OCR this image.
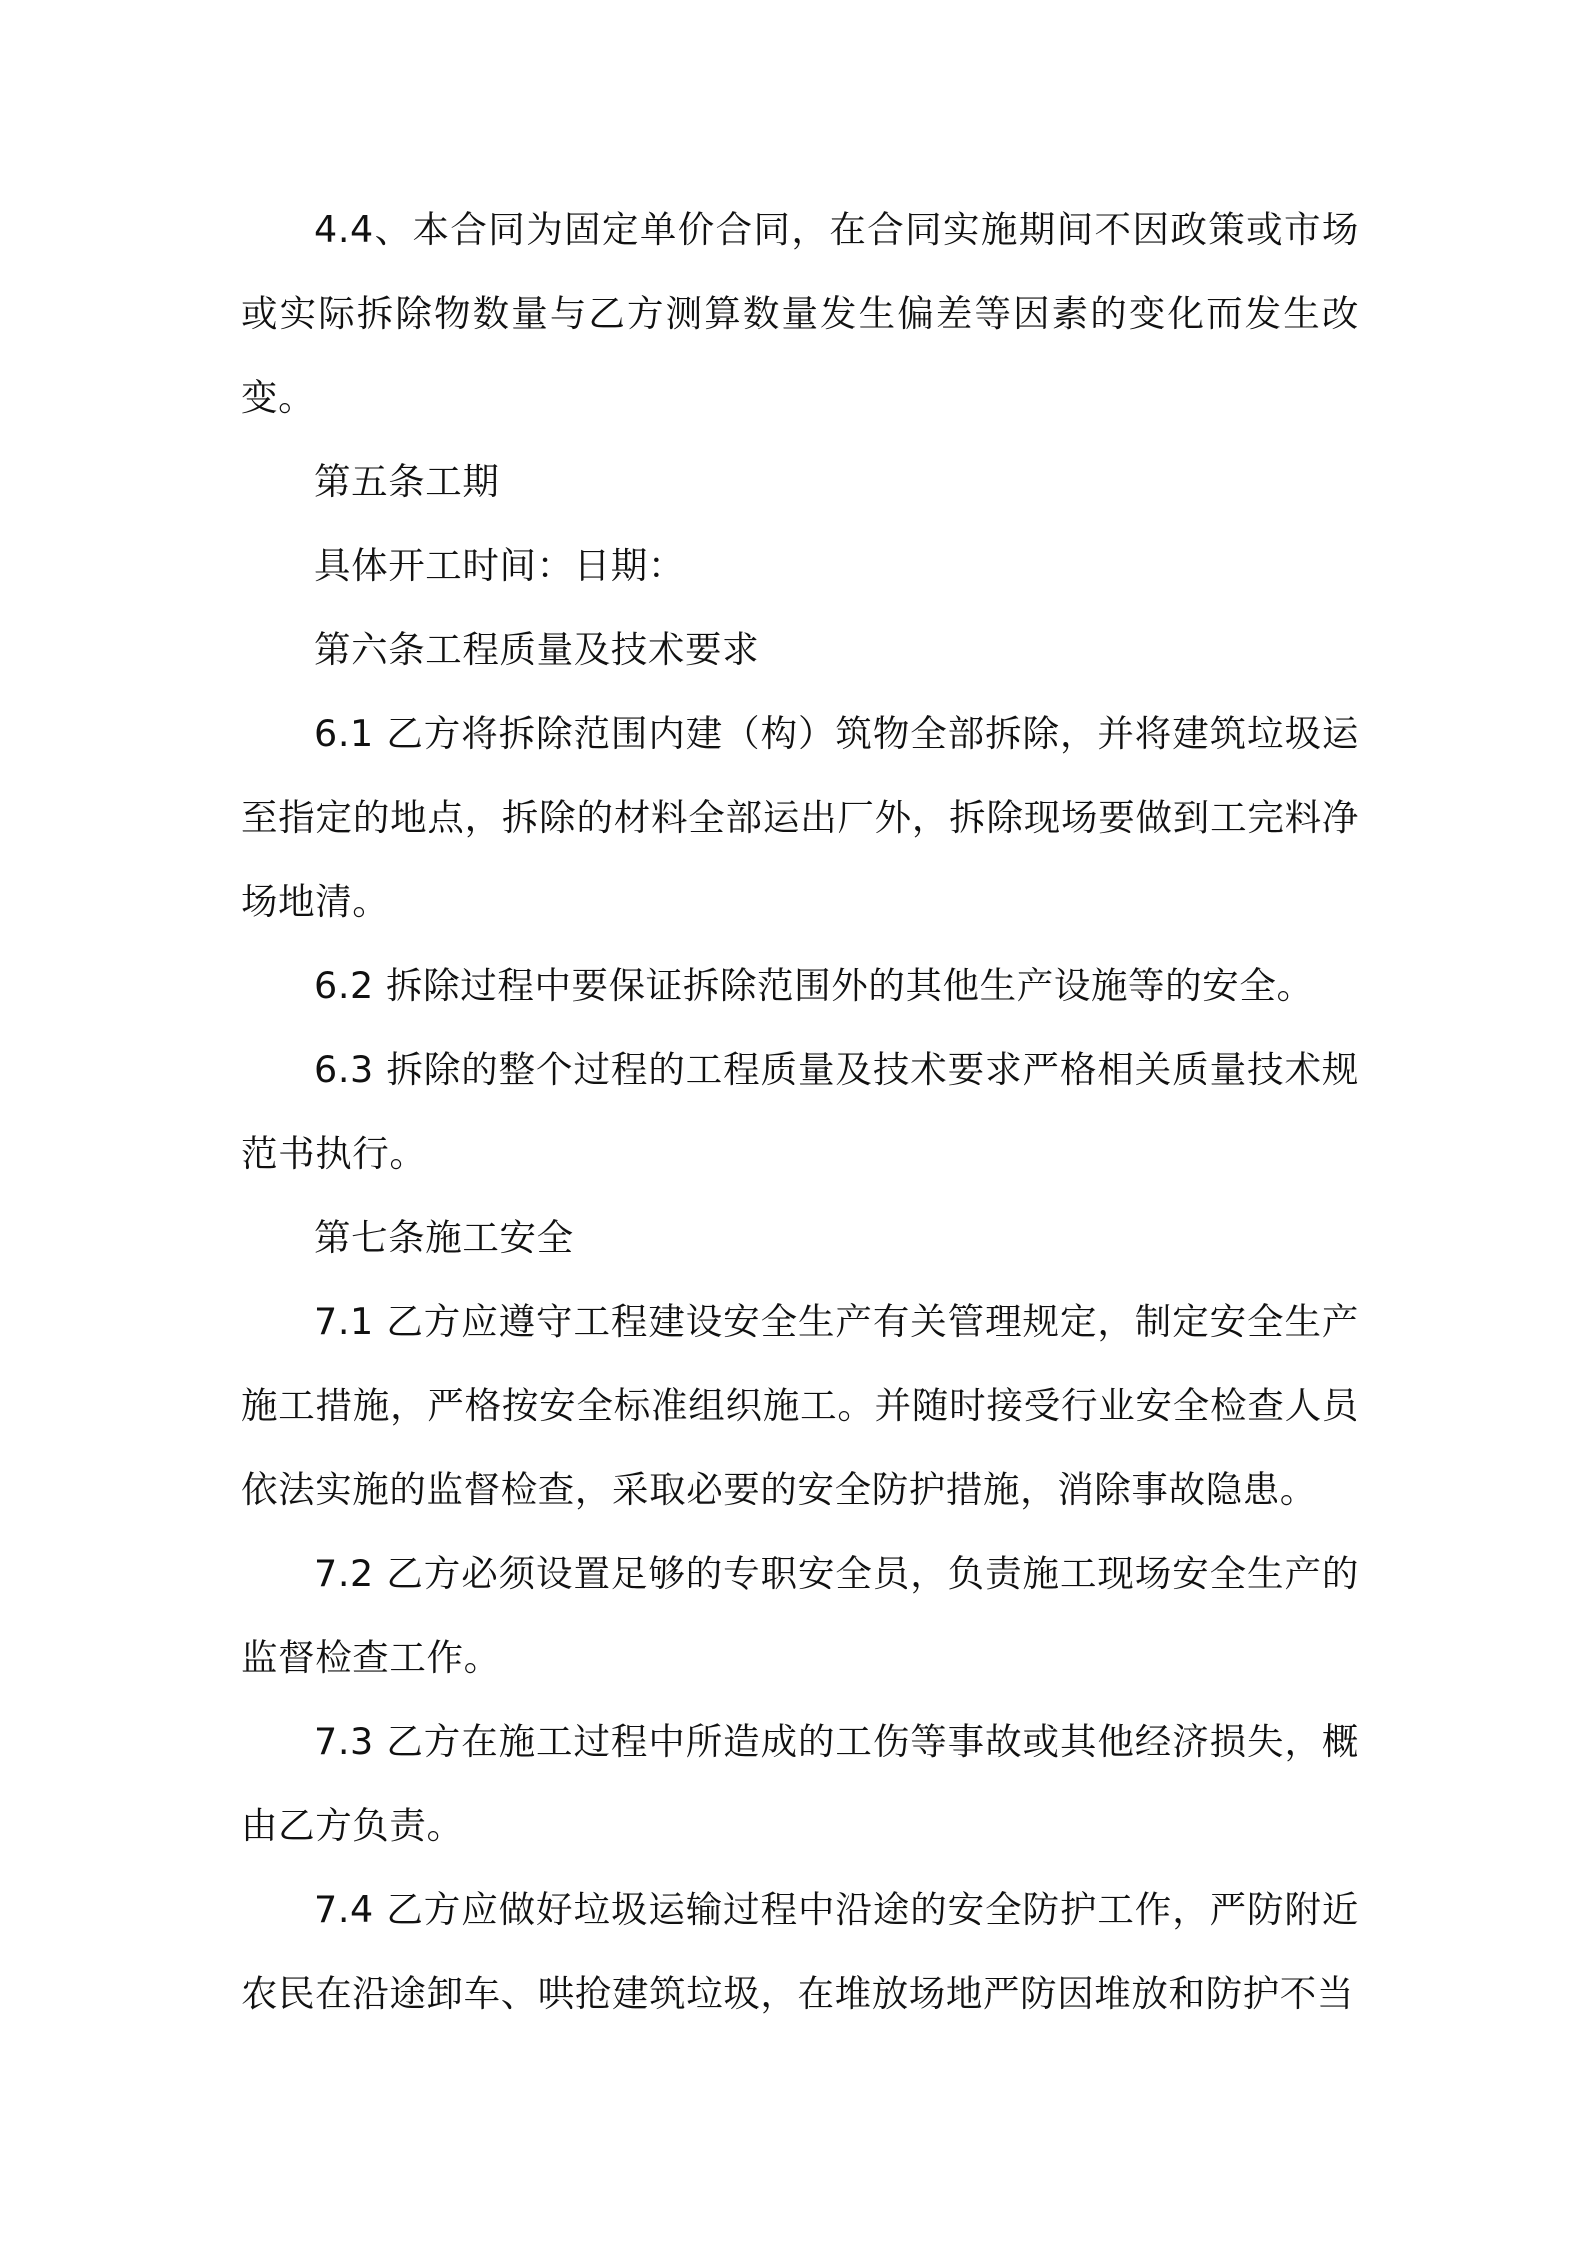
4.4、本合同为固定单价合同，在合同实施期间不因政策或市场或实际拆除物数量与乙方测算数量发生偏差等因素的变化而发生改变。

第五条工期

具体开工时间：日期：

第六条工程质量及技术要求

6.1 乙方将拆除范围内建（构）筑物全部拆除，并将建筑垃圾运至指定的地点，拆除的材料全部运出厂外，拆除现场要做到工完料净场地清。

6.2 拆除过程中要保证拆除范围外的其他生产设施等的安全。

6.3 拆除的整个过程的工程质量及技术要求严格相关质量技术规范书执行。

第七条施工安全

7.1 乙方应遵守工程建设安全生产有关管理规定，制定安全生产施工措施，严格按安全标准组织施工。并随时接受行业安全检查人员依法实施的监督检查，采取必要的安全防护措施，消除事故隐患。

7.2 乙方必须设置足够的专职安全员，负责施工现场安全生产的监督检查工作。

7.3 乙方在施工过程中所造成的工伤等事故或其他经济损失，概由乙方负责。

7.4 乙方应做好垃圾运输过程中沿途的安全防护工作，严防附近农民在沿途卸车、哄抢建筑垃圾，在堆放场地严防因堆放和防护不当
